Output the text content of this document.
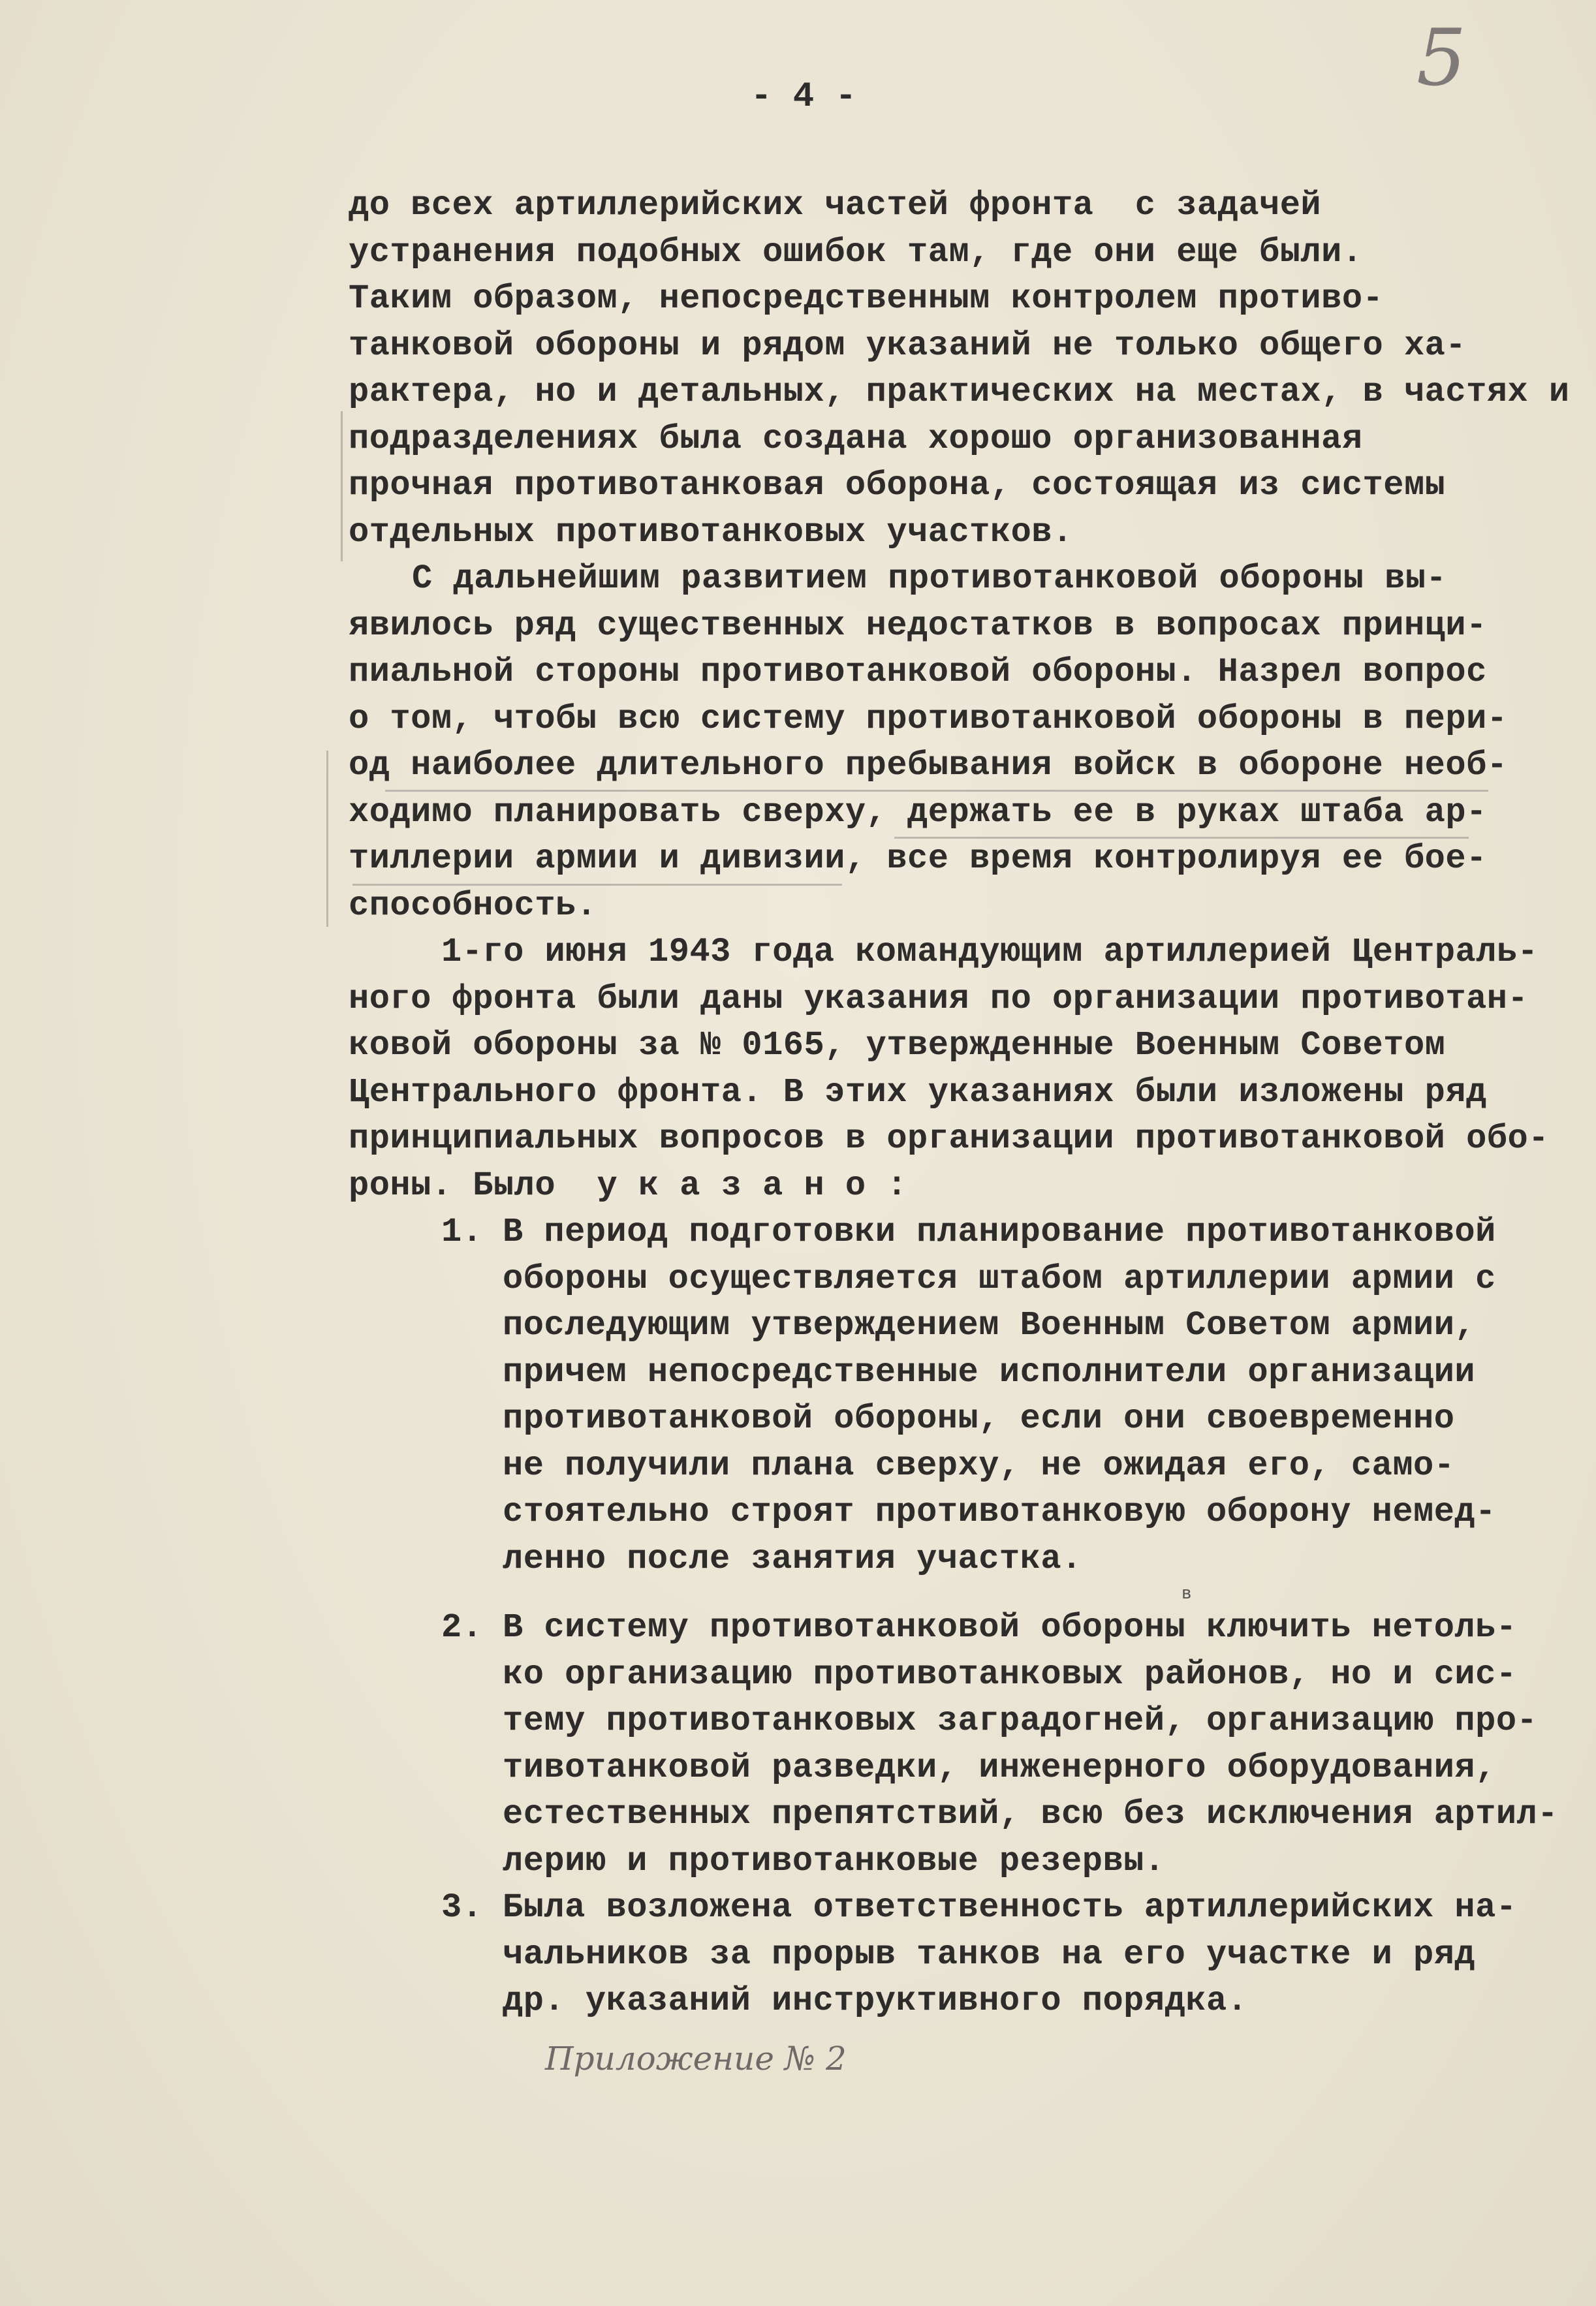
5
- 4 -
до всех артиллерийских частей фронта  с задачей
устранения подобных ошибок там, где они еще были.
Таким образом, непосредственным контролем противо-
танковой обороны и рядом указаний не только общего ха-
рактера, но и детальных, практических на местах, в частях и
подразделениях была создана хорошо организованная
прочная противотанковая оборона, состоящая из системы
отдельных противотанковых участков.
С дальнейшим развитием противотанковой обороны вы-
явилось ряд существенных недостатков в вопросах принци-
пиальной стороны противотанковой обороны. Назрел вопрос
о том, чтобы всю систему противотанковой обороны в пери-
од наиболее длительного пребывания войск в обороне необ-
ходимо планировать сверху, держать ее в руках штаба ар-
тиллерии армии и дивизии, все время контролируя ее бое-
способность.
1-го июня 1943 года командующим артиллерией Централь-
ного фронта были даны указания по организации противотан-
ковой обороны за № 0165, утвержденные Военным Советом
Центрального фронта. В этих указаниях были изложены ряд
принципиальных вопросов в организации противотанковой обо-
роны. Было  у к а з а н о :
1. В период подготовки планирование противотанковой
обороны осуществляется штабом артиллерии армии с
последующим утверждением Военным Советом армии,
причем непосредственные исполнители организации
противотанковой обороны, если они своевременно
не получили плана сверху, не ожидая его, само-
стоятельно строят противотанковую оборону немед-
ленно после занятия участка.
2. В систему противотанковой обороны ключить нетоль-
в
ко организацию противотанковых районов, но и сис-
тему противотанковых заградогней, организацию про-
тивотанковой разведки, инженерного оборудования,
естественных препятствий, всю без исключения артил-
лерию и противотанковые резервы.
3. Была возложена ответственность артиллерийских на-
чальников за прорыв танков на его участке и ряд
др. указаний инструктивного порядка.
Приложение № 2
